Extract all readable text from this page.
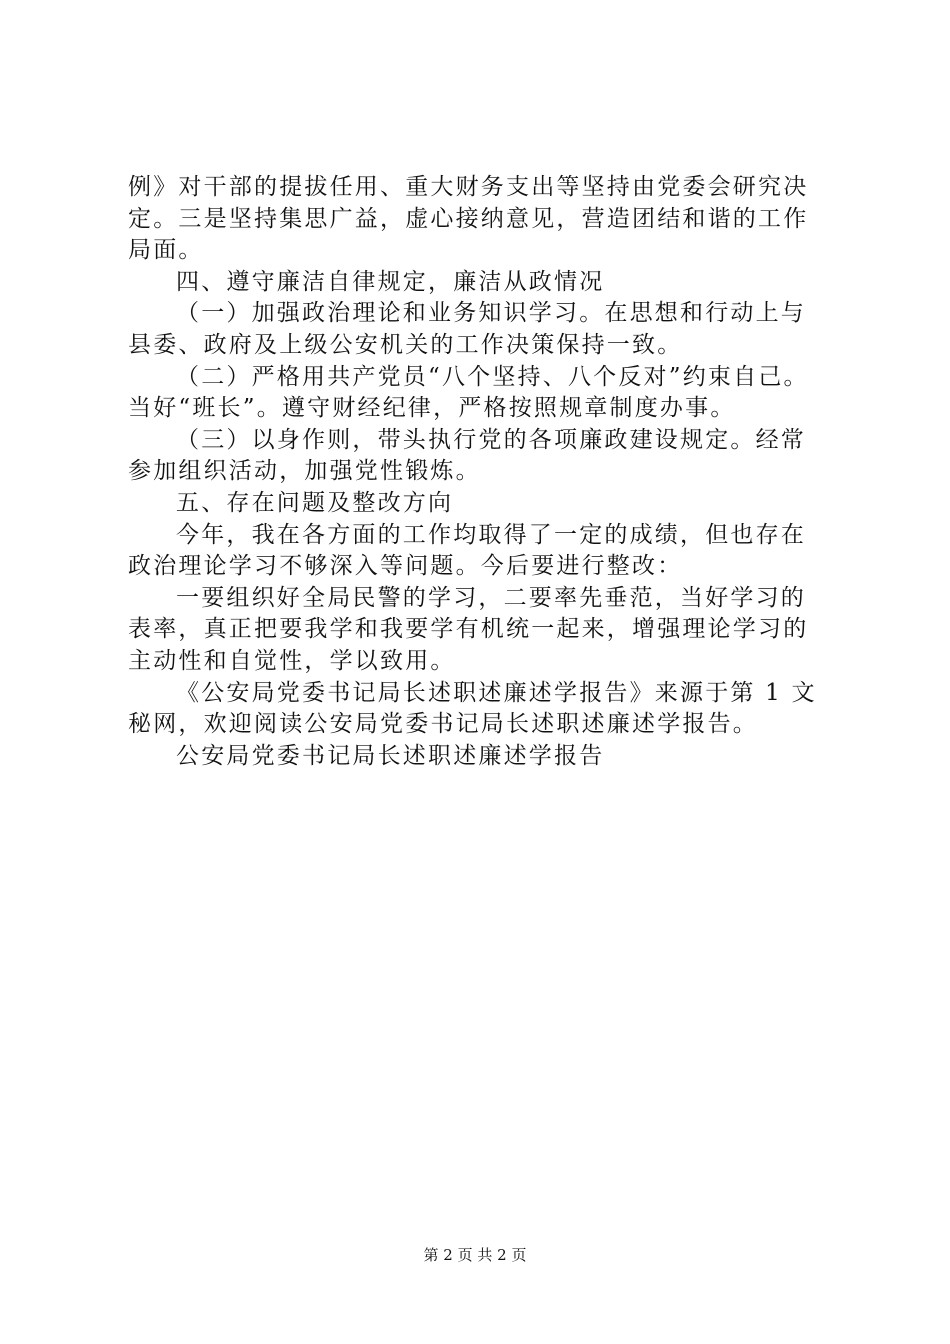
例》对干部的提拔任用、重大财务支出等坚持由党委会研究决
定。三是坚持集思广益，虚心接纳意见，营造团结和谐的工作
局面。
四、遵守廉洁自律规定，廉洁从政情况
（一）加强政治理论和业务知识学习。在思想和行动上与
县委、政府及上级公安机关的工作决策保持一致。
（二）严格用共产党员“八个坚持、八个反对”约束自己。
当好“班长”。遵守财经纪律，严格按照规章制度办事。
（三）以身作则，带头执行党的各项廉政建设规定。经常
参加组织活动，加强党性锻炼。
五、存在问题及整改方向
今年，我在各方面的工作均取得了一定的成绩，但也存在
政治理论学习不够深入等问题。今后要进行整改：
一要组织好全局民警的学习，二要率先垂范，当好学习的
表率，真正把要我学和我要学有机统一起来，增强理论学习的
主动性和自觉性，学以致用。
《公安局党委书记局长述职述廉述学报告》来源于第 1 文
秘网，欢迎阅读公安局党委书记局长述职述廉述学报告。
公安局党委书记局长述职述廉述学报告
第 2 页 共 2 页
